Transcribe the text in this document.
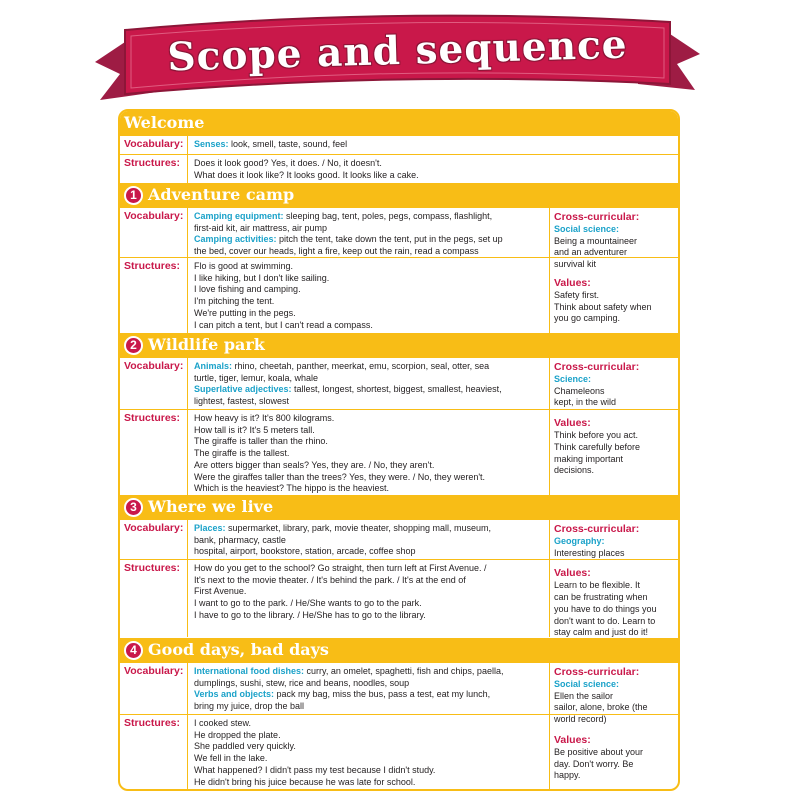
Scope and sequence
Welcome
Vocabulary: Senses: look, smell, taste, sound, feel
Structures: Does it look good? Yes, it does. / No, it doesn't.
What does it look like? It looks good. It looks like a cake.
1 Adventure camp
Vocabulary: Camping equipment: sleeping bag, tent, poles, pegs, compass, flashlight,
first-aid kit, air mattress, air pump
Camping activities: pitch the tent, take down the tent, put in the pegs, set up
the bed, cover our heads, light a fire, keep out the rain, read a compass
Structures: Flo is good at swimming.
I like hiking, but I don't like sailing.
I love fishing and camping.
I'm pitching the tent.
We're putting in the pegs.
I can pitch a tent, but I can't read a compass.
Cross-curricular:
Social science:
Being a mountaineer
and an adventurer
survival kit
Values:
Safety first.
Think about safety when
you go camping.
2 Wildlife park
Vocabulary: Animals: rhino, cheetah, panther, meerkat, emu, scorpion, seal, otter, sea
turtle, tiger, lemur, koala, whale
Superlative adjectives: tallest, longest, shortest, biggest, smallest, heaviest,
lightest, fastest, slowest
Structures: How heavy is it? It's 800 kilograms.
How tall is it? It's 5 meters tall.
The giraffe is taller than the rhino.
The giraffe is the tallest.
Are otters bigger than seals? Yes, they are. / No, they aren't.
Were the giraffes taller than the trees? Yes, they were. / No, they weren't.
Which is the heaviest? The hippo is the heaviest.
Cross-curricular:
Science:
Chameleons
kept, in the wild
Values:
Think before you act.
Think carefully before
making important
decisions.
3 Where we live
Vocabulary: Places: supermarket, library, park, movie theater, shopping mall, museum,
bank, pharmacy, castle
hospital, airport, bookstore, station, arcade, coffee shop
Structures: How do you get to the school? Go straight, then turn left at First Avenue. /
It's next to the movie theater. / It's behind the park. / It's at the end of
First Avenue.
I want to go to the park. / He/She wants to go to the park.
I have to go to the library. / He/She has to go to the library.
Cross-curricular:
Geography:
Interesting places
Values:
Learn to be flexible. It
can be frustrating when
you have to do things you
don't want to do. Learn to
stay calm and just do it!
4 Good days, bad days
Vocabulary: International food dishes: curry, an omelet, spaghetti, fish and chips, paella,
dumplings, sushi, stew, rice and beans, noodles, soup
Verbs and objects: pack my bag, miss the bus, pass a test, eat my lunch,
bring my juice, drop the ball
Structures: I cooked stew.
He dropped the plate.
She paddled very quickly.
We fell in the lake.
What happened? I didn't pass my test because I didn't study.
He didn't bring his juice because he was late for school.
Cross-curricular:
Social science:
Ellen the sailor
sailor, alone, broke (the
world record)
Values:
Be positive about your
day. Don't worry. Be
happy.
